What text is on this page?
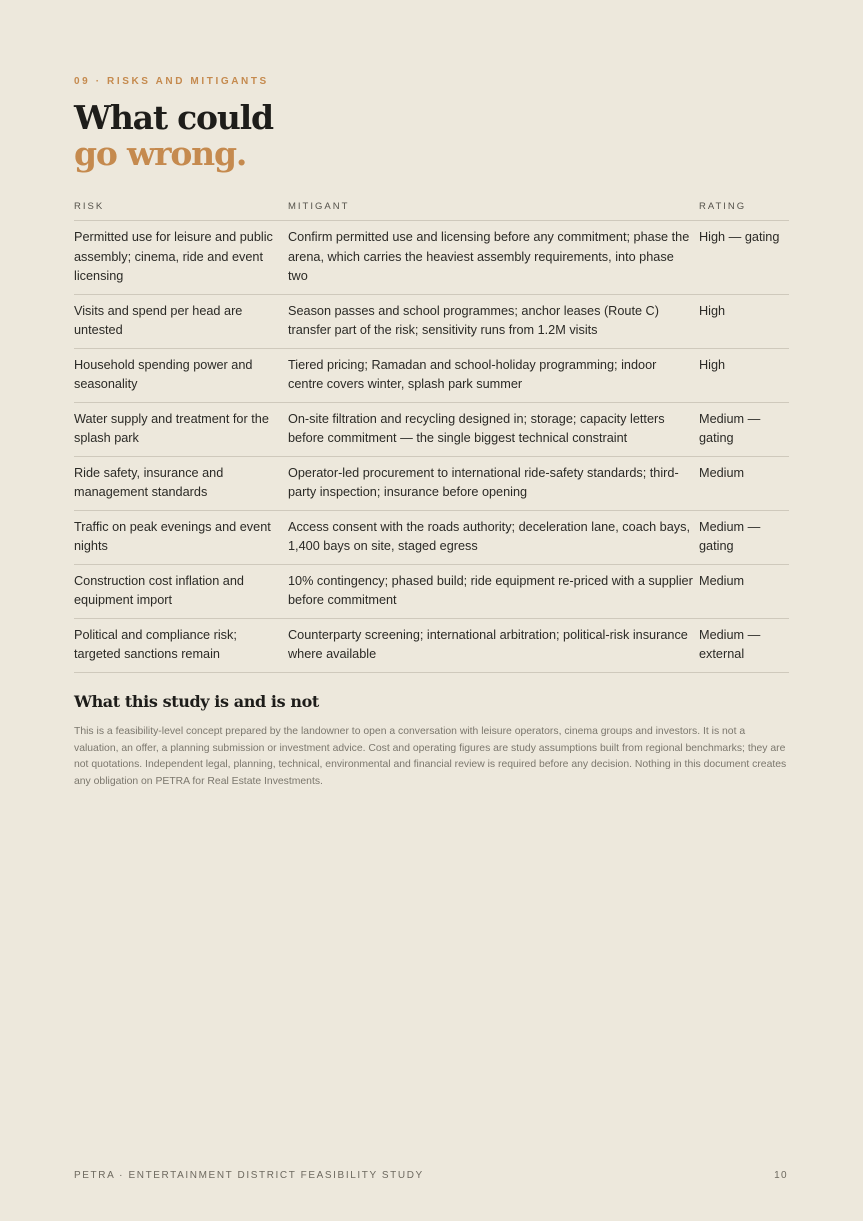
09 · RISKS AND MITIGANTS
What could
go wrong.
RISK	MITIGANT	RATING
Permitted use for leisure and public assembly; cinema, ride and event licensing	Confirm permitted use and licensing before any commitment; phase the arena, which carries the heaviest assembly requirements, into phase two	High — gating
Visits and spend per head are untested	Season passes and school programmes; anchor leases (Route C) transfer part of the risk; sensitivity runs from 1.2M visits	High
Household spending power and seasonality	Tiered pricing; Ramadan and school-holiday programming; indoor centre covers winter, splash park summer	High
Water supply and treatment for the splash park	On-site filtration and recycling designed in; storage; capacity letters before commitment — the single biggest technical constraint	Medium — gating
Ride safety, insurance and management standards	Operator-led procurement to international ride-safety standards; third-party inspection; insurance before opening	Medium
Traffic on peak evenings and event nights	Access consent with the roads authority; deceleration lane, coach bays, 1,400 bays on site, staged egress	Medium — gating
Construction cost inflation and equipment import	10% contingency; phased build; ride equipment re-priced with a supplier before commitment	Medium
Political and compliance risk; targeted sanctions remain	Counterparty screening; international arbitration; political-risk insurance where available	Medium — external
What this study is and is not

This is a feasibility-level concept prepared by the landowner to open a conversation with leisure operators, cinema groups and investors. It is not a valuation, an offer, a planning submission or investment advice. Cost and operating figures are study assumptions built from regional benchmarks; they are not quotations. Independent legal, planning, technical, environmental and financial review is required before any decision. Nothing in this document creates any obligation on PETRA for Real Estate Investments.

PETRA · ENTERTAINMENT DISTRICT FEASIBILITY STUDY	10
